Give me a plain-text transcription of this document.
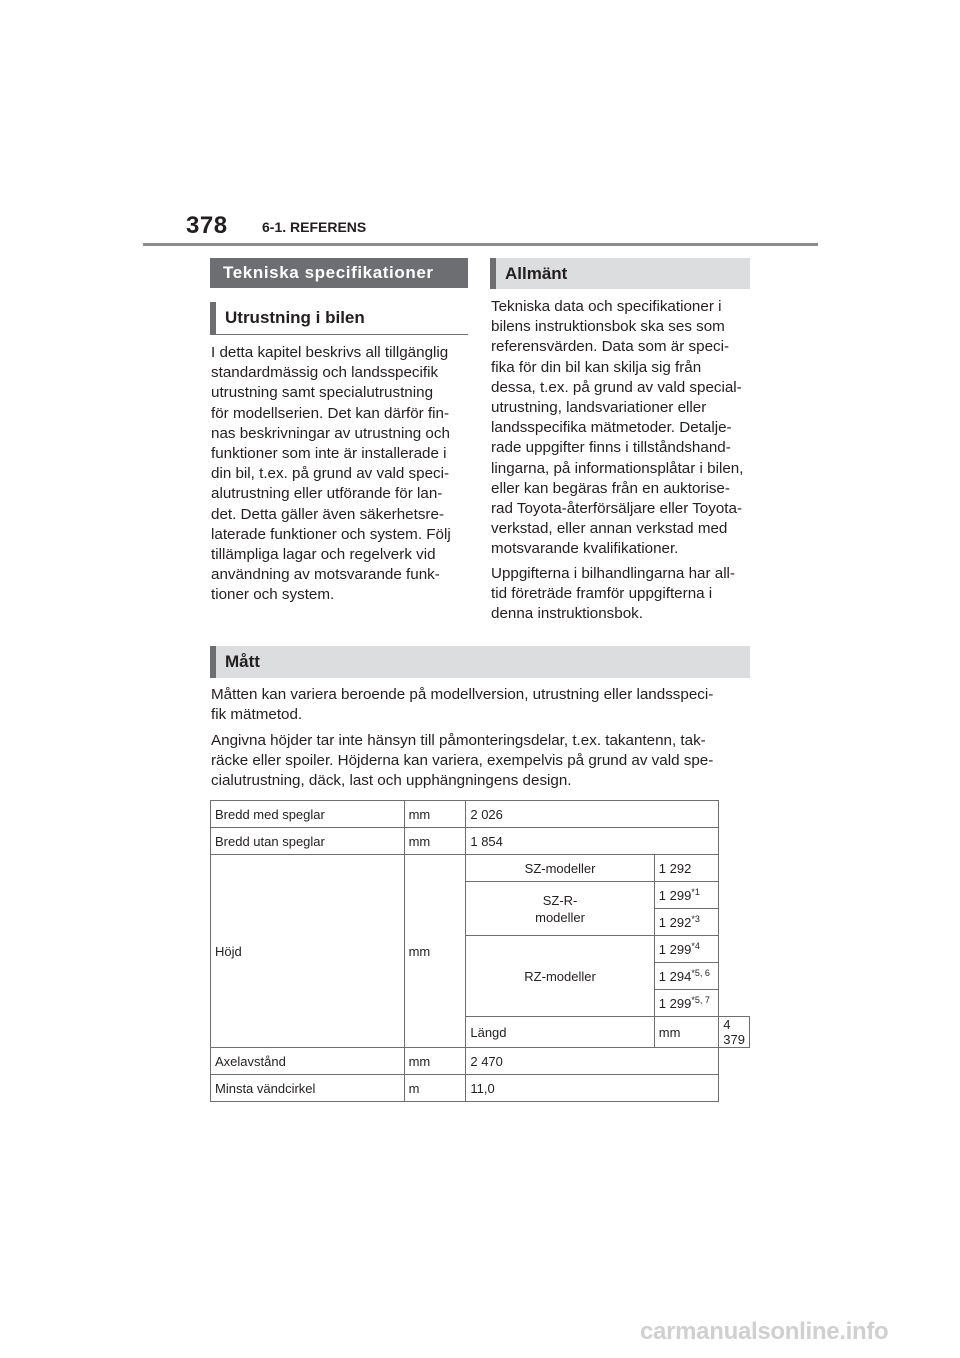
378 6-1. REFERENS
Tekniska specifikationer
Utrustning i bilen
I detta kapitel beskrivs all tillgänglig
standardmässig och landsspecifik
utrustning samt specialutrustning
för modellserien. Det kan därför fin-
nas beskrivningar av utrustning och
funktioner som inte är installerade i
din bil, t.ex. på grund av vald speci-
alutrustning eller utförande för lan-
det. Detta gäller även säkerhetsre-
laterade funktioner och system. Följ
tillämpliga lagar och regelverk vid
användning av motsvarande funk-
tioner och system.
Allmänt
Tekniska data och specifikationer i
bilens instruktionsbok ska ses som
referensvärden. Data som är speci-
fika för din bil kan skilja sig från
dessa, t.ex. på grund av vald special-
utrustning, landsvariationer eller
landsspecifika mätmetoder. Detalje-
rade uppgifter finns i tillståndshand-
lingarna, på informationsplåtar i bilen,
eller kan begäras från en auktorise-
rad Toyota-återförsäljare eller Toyota-
verkstad, eller annan verkstad med
motsvarande kvalifikationer.
Uppgifterna i bilhandlingarna har all-
tid företräde framför uppgifterna i
denna instruktionsbok.
Mått
Måtten kan variera beroende på modellversion, utrustning eller landsspeci-
fik mätmetod.
Angivna höjder tar inte hänsyn till påmonteringsdelar, t.ex. takantenn, tak-
räcke eller spoiler. Höjderna kan variera, exempelvis på grund av vald spe-
cialutrustning, däck, last och upphängningens design.
Bredd med speglar	mm	2 026		
Bredd utan speglar	mm	1 854		
Höjd	mm	SZ-modeller	1 292	

		SZ-R-
modeller	1 299$^{*1}$
			1 292$^{*3}$
		RZ-modeller	1 299$^{*4}$
			1 294$^{*5, 6}$
			1 299$^{*5, 7}$
		Längd	mm	4 379
Axelavstånd	mm	2 470		
Minsta vändcirkel	m	11,0		
carmanualsonline.info
